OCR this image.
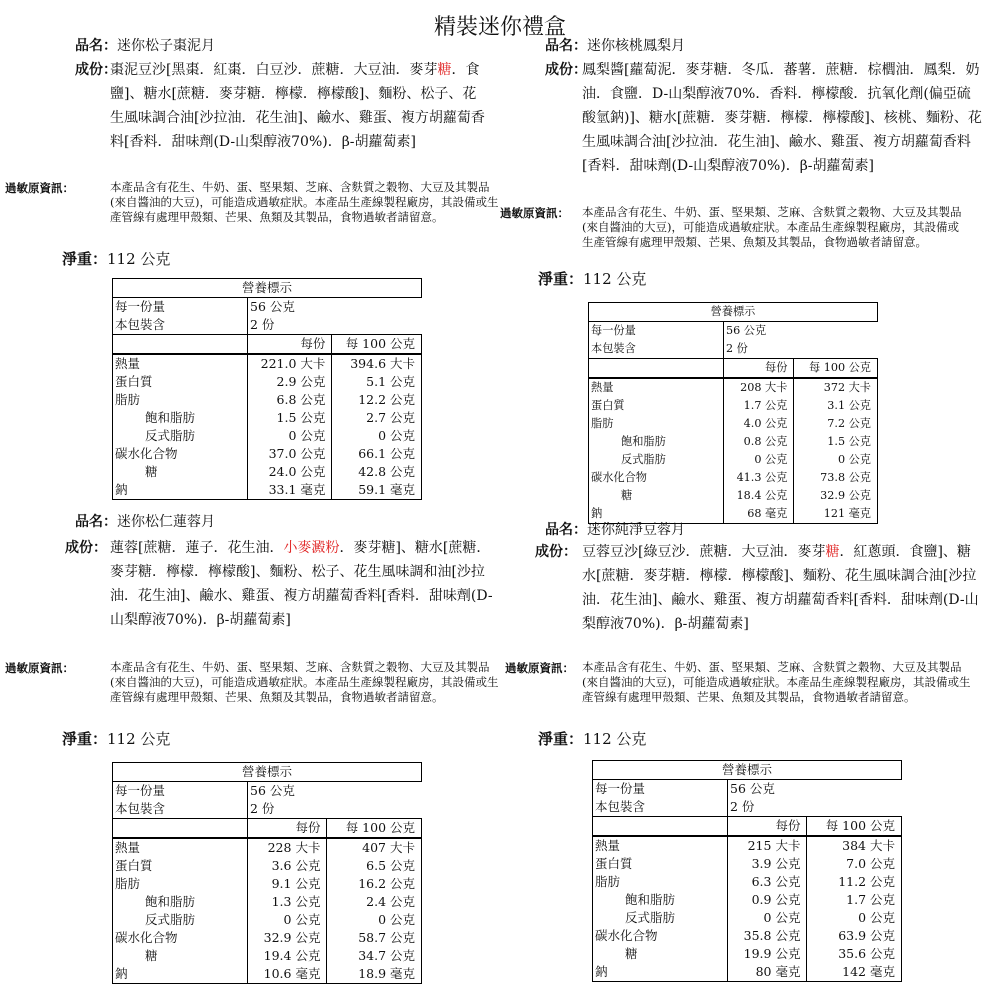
精裝迷你禮盒
品名：迷你松子棗泥月
成份：
棗泥豆沙[黑棗．紅棗．白豆沙．蔗糖．大豆油．麥芽糖．食鹽]、糖水[蔗糖．麥芽糖．檸檬．檸檬酸]、麵粉、松子、花生風味調合油[沙拉油．花生油]、鹼水、雞蛋、複方胡蘿蔔香料[香料．甜味劑(D-山梨醇液70%)．β-胡蘿蔔素]
過敏原資訊：	本產品含有花生、牛奶、蛋、堅果類、芝麻、含麩質之穀物、大豆及其製品(來自醬油的大豆)，可能造成過敏症狀。本產品生產線製程廠房，其設備或生產管線有處理甲殼類、芒果、魚類及其製品，食物過敏者請留意。
淨重：112 公克
營養標示		
每一份量	56 公克	
本包裝含	2 份	
	每份	每 100 公克
熱量	221.0 大卡	394.6 大卡
蛋白質	2.9 公克	5.1 公克
脂肪	6.8 公克	12.2 公克
飽和脂肪	1.5 公克	2.7 公克
反式脂肪	0 公克	0 公克
碳水化合物	37.0 公克	66.1 公克
糖	24.0 公克	42.8 公克
鈉	33.1 毫克	59.1 毫克
品名：迷你核桃鳳梨月
成份：
鳳梨醬[蘿蔔泥．麥芽糖．冬瓜．蕃薯．蔗糖．棕櫚油．鳳梨．奶油．食鹽．D-山梨醇液70%．香料．檸檬酸．抗氧化劑(偏亞硫酸氫鈉)]、糖水[蔗糖．麥芽糖．檸檬．檸檬酸]、核桃、麵粉、花生風味調合油[沙拉油．花生油]、鹼水、雞蛋、複方胡蘿蔔香料[香料．甜味劑(D-山梨醇液70%)．β-胡蘿蔔素]
過敏原資訊： 本產品含有花生、牛奶、蛋、堅果類、芝麻、含麩質之穀物、大豆及其製品(來自醬油的大豆)，可能造成過敏症狀。本產品生產線製程廠房，其設備或生產管線有處理甲殼類、芒果、魚類及其製品，食物過敏者請留意。
淨重：112 公克
營養標示		
每一份量	56 公克	
本包裝含	2 份	
	每份	每 100 公克
熱量	208 大卡	372 大卡
蛋白質	1.7 公克	3.1 公克
脂肪	4.0 公克	7.2 公克
飽和脂肪	0.8 公克	1.5 公克
反式脂肪	0 公克	0 公克
碳水化合物	41.3 公克	73.8 公克
糖	18.4 公克	32.9 公克
鈉	68 毫克	121 毫克
品名：迷你松仁蓮蓉月
成份： 蓮蓉[蔗糖．蓮子．花生油．小麥澱粉．麥芽糖]、糖水[蔗糖．麥芽糖．檸檬．檸檬酸]、麵粉、松子、花生風味調和油[沙拉油．花生油]、鹼水、雞蛋、複方胡蘿蔔香料[香料．甜味劑(D-山梨醇液70%)．β-胡蘿蔔素]
過敏原資訊：	本產品含有花生、牛奶、蛋、堅果類、芝麻、含麩質之穀物、大豆及其製品(來自醬油的大豆)，可能造成過敏症狀。本產品生產線製程廠房，其設備或生產管線有處理甲殼類、芒果、魚類及其製品，食物過敏者請留意。
淨重：112 公克
營養標示		
每一份量	56 公克	
本包裝含	2 份	
	每份	每 100 公克
熱量	228 大卡	407 大卡
蛋白質	3.6 公克	6.5 公克
脂肪	9.1 公克	16.2 公克
飽和脂肪	1.3 公克	2.4 公克
反式脂肪	0 公克	0 公克
碳水化合物	32.9 公克	58.7 公克
糖	19.4 公克	34.7 公克
鈉	10.6 毫克	18.9 毫克
品名：迷你純淨豆蓉月
成份： 豆蓉豆沙[綠豆沙．蔗糖．大豆油．麥芽糖．紅蔥頭．食鹽]、糖水[蔗糖．麥芽糖．檸檬．檸檬酸]、麵粉、花生風味調合油[沙拉油．花生油]、鹼水、雞蛋、複方胡蘿蔔香料[香料．甜味劑(D-山梨醇液70%)．β-胡蘿蔔素]
過敏原資訊： 本產品含有花生、牛奶、蛋、堅果類、芝麻、含麩質之穀物、大豆及其製品(來自醬油的大豆)，可能造成過敏症狀。本產品生產線製程廠房，其設備或生產管線有處理甲殼類、芒果、魚類及其製品，食物過敏者請留意。
淨重：112 公克
營養標示		
每一份量	56 公克	
本包裝含	2 份	
	每份	每 100 公克
熱量	215 大卡	384 大卡
蛋白質	3.9 公克	7.0 公克
脂肪	6.3 公克	11.2 公克
飽和脂肪	0.9 公克	1.7 公克
反式脂肪	0 公克	0 公克
碳水化合物	35.8 公克	63.9 公克
糖	19.9 公克	35.6 公克
鈉	80 毫克	142 毫克
